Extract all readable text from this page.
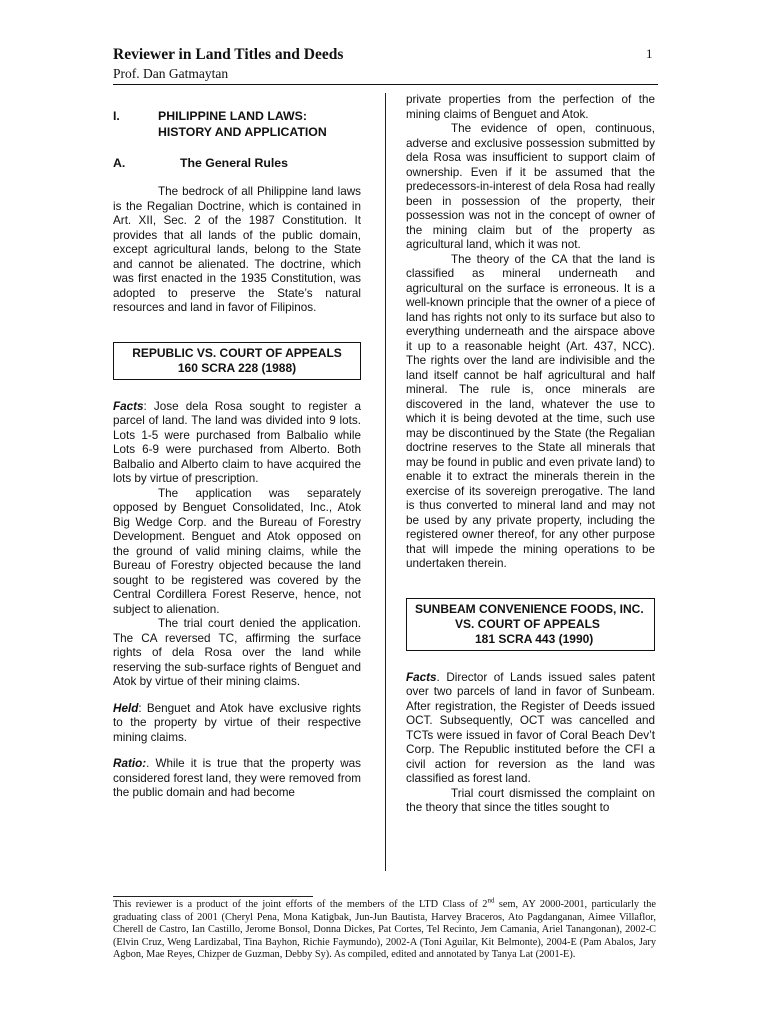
Reviewer in Land Titles and Deeds	1
Prof. Dan Gatmaytan
I.	PHILIPPINE LAND LAWS:
HISTORY AND APPLICATION
A.	The General Rules

The bedrock of all Philippine land laws is the Regalian Doctrine, which is contained in Art. XII, Sec. 2 of the 1987 Constitution. It provides that all lands of the public domain, except agricultural lands, belong to the State and cannot be alienated. The doctrine, which was first enacted in the 1935 Constitution, was adopted to preserve the State’s natural resources and land in favor of Filipinos.

REPUBLIC VS. COURT OF APPEALS
160 SCRA 228 (1988)

Facts: Jose dela Rosa sought to register a parcel of land. The land was divided into 9 lots. Lots 1-5 were purchased from Balbalio while Lots 6-9 were purchased from Alberto. Both Balbalio and Alberto claim to have acquired the lots by virtue of prescription.

The application was separately opposed by Benguet Consolidated, Inc., Atok Big Wedge Corp. and the Bureau of Forestry Development. Benguet and Atok opposed on the ground of valid mining claims, while the Bureau of Forestry objected because the land sought to be registered was covered by the Central Cordillera Forest Reserve, hence, not subject to alienation.

The trial court denied the application. The CA reversed TC, affirming the surface rights of dela Rosa over the land while reserving the sub-surface rights of Benguet and Atok by virtue of their mining claims.

Held: Benguet and Atok have exclusive rights to the property by virtue of their respective mining claims.

Ratio:. While it is true that the property was considered forest land, they were removed from the public domain and had become

private properties from the perfection of the mining claims of Benguet and Atok.

The evidence of open, continuous, adverse and exclusive possession submitted by dela Rosa was insufficient to support claim of ownership. Even if it be assumed that the predecessors-in-interest of dela Rosa had really been in possession of the property, their possession was not in the concept of owner of the mining claim but of the property as agricultural land, which it was not.

The theory of the CA that the land is classified as mineral underneath and agricultural on the surface is erroneous. It is a well-known principle that the owner of a piece of land has rights not only to its surface but also to everything underneath and the airspace above it up to a reasonable height (Art. 437, NCC). The rights over the land are indivisible and the land itself cannot be half agricultural and half mineral. The rule is, once minerals are discovered in the land, whatever the use to which it is being devoted at the time, such use may be discontinued by the State (the Regalian doctrine reserves to the State all minerals that may be found in public and even private land) to enable it to extract the minerals therein in the exercise of its sovereign prerogative. The land is thus converted to mineral land and may not be used by any private property, including the registered owner thereof, for any other purpose that will impede the mining operations to be undertaken therein.

SUNBEAM CONVENIENCE FOODS, INC.
VS. COURT OF APPEALS
181 SCRA 443 (1990)

Facts. Director of Lands issued sales patent over two parcels of land in favor of Sunbeam. After registration, the Register of Deeds issued OCT. Subsequently, OCT was cancelled and TCTs were issued in favor of Coral Beach Dev’t Corp. The Republic instituted before the CFI a civil action for reversion as the land was classified as forest land.

Trial court dismissed the complaint on the theory that since the titles sought to

This reviewer is a product of the joint efforts of the members of the LTD Class of 2nd sem, AY 2000-2001, particularly the graduating class of 2001 (Cheryl Pena, Mona Katigbak, Jun-Jun Bautista, Harvey Braceros, Ato Pagdanganan, Aimee Villaflor, Cherell de Castro, Ian Castillo, Jerome Bonsol, Donna Dickes, Pat Cortes, Tel Recinto, Jem Camania, Ariel Tanangonan), 2002-C (Elvin Cruz, Weng Lardizabal, Tina Bayhon, Richie Faymundo), 2002-A (Toni Aguilar, Kit Belmonte), 2004-E (Pam Abalos, Jary Agbon, Mae Reyes, Chizper de Guzman, Debby Sy). As compiled, edited and annotated by Tanya Lat (2001-E).
